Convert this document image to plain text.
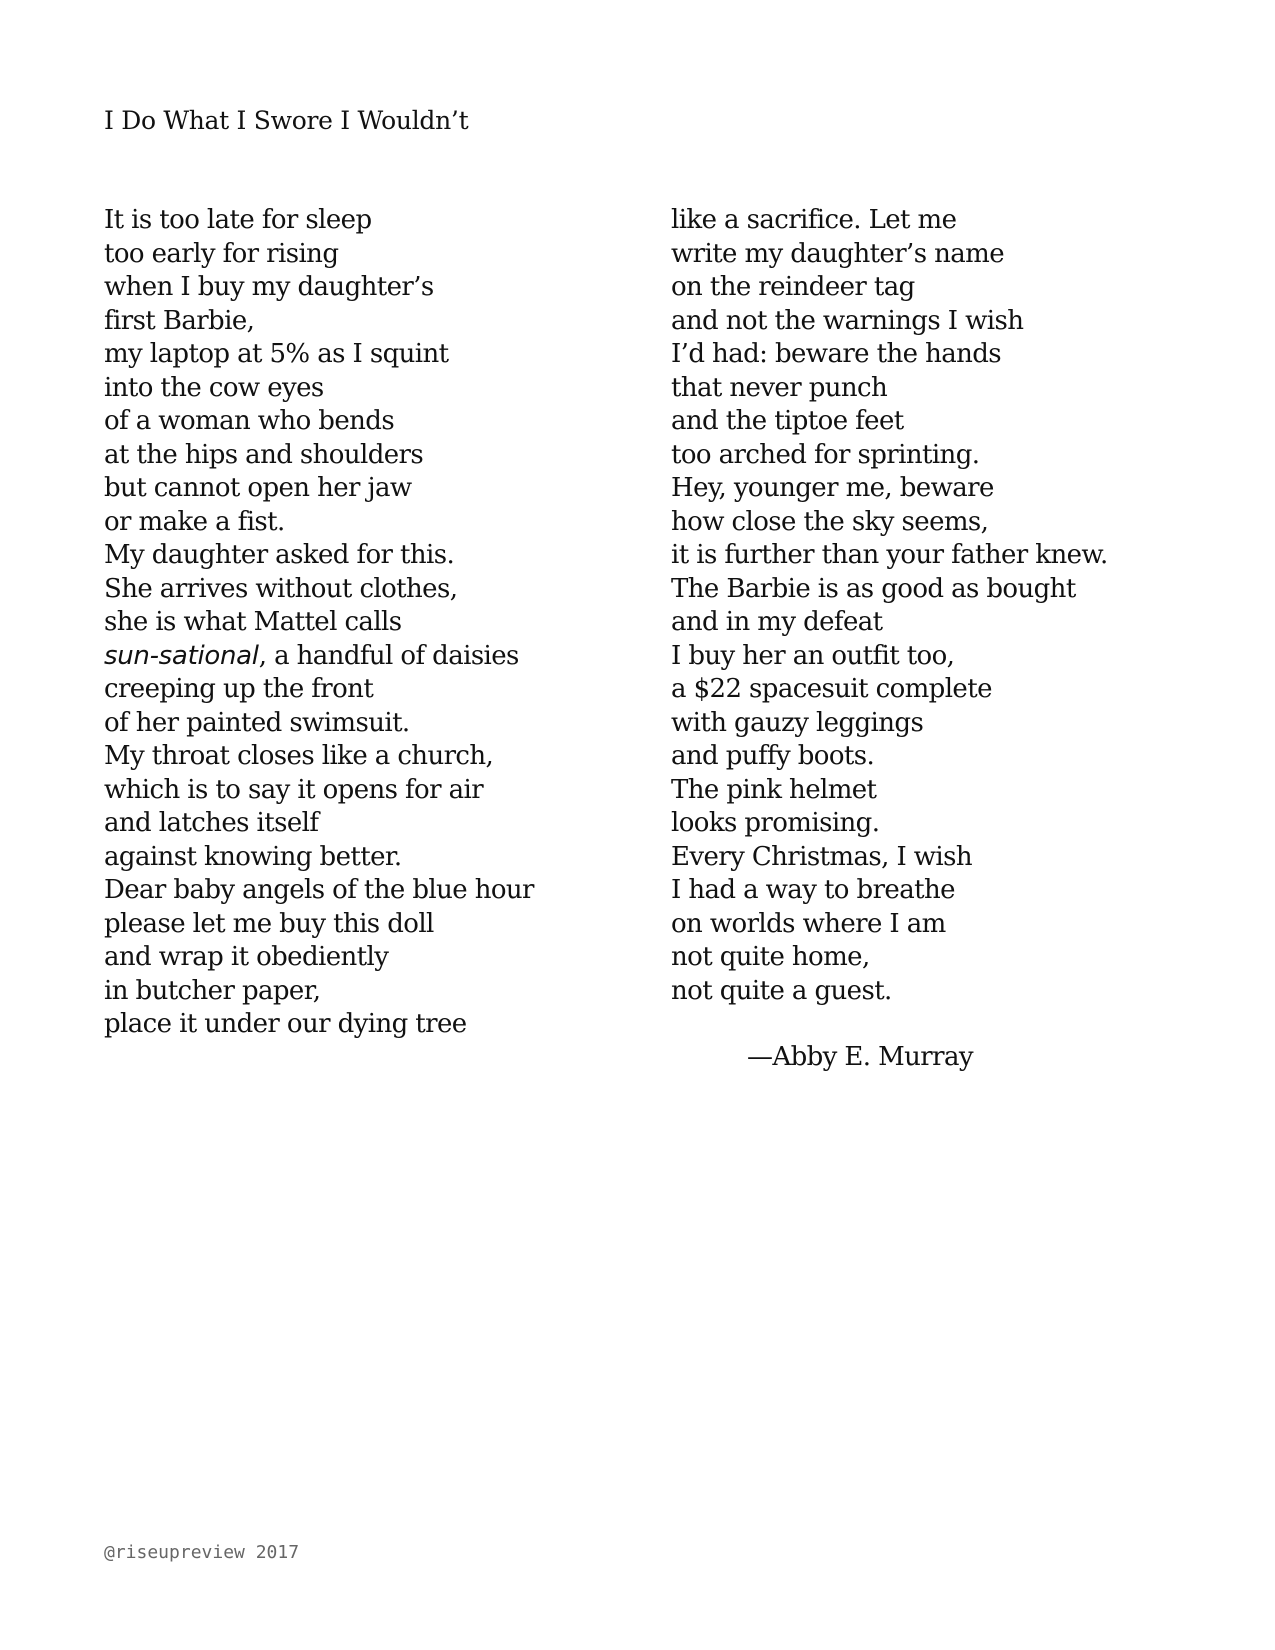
I Do What I Swore I Wouldn’t
It is too late for sleep
too early for rising
when I buy my daughter’s
first Barbie,
my laptop at 5% as I squint
into the cow eyes
of a woman who bends
at the hips and shoulders
but cannot open her jaw
or make a fist.
My daughter asked for this.
She arrives without clothes,
she is what Mattel calls
sun-sational, a handful of daisies
creeping up the front
of her painted swimsuit.
My throat closes like a church,
which is to say it opens for air
and latches itself
against knowing better.
Dear baby angels of the blue hour
please let me buy this doll
and wrap it obediently
in butcher paper,
place it under our dying tree
like a sacrifice. Let me
write my daughter’s name
on the reindeer tag
and not the warnings I wish
I’d had: beware the hands
that never punch
and the tiptoe feet
too arched for sprinting.
Hey, younger me, beware
how close the sky seems,
it is further than your father knew.
The Barbie is as good as bought
and in my defeat
I buy her an outfit too,
a $22 spacesuit complete
with gauzy leggings
and puffy boots.
The pink helmet
looks promising.
Every Christmas, I wish
I had a way to breathe
on worlds where I am
not quite home,
not quite a guest.
—Abby E. Murray
@riseupreview 2017
